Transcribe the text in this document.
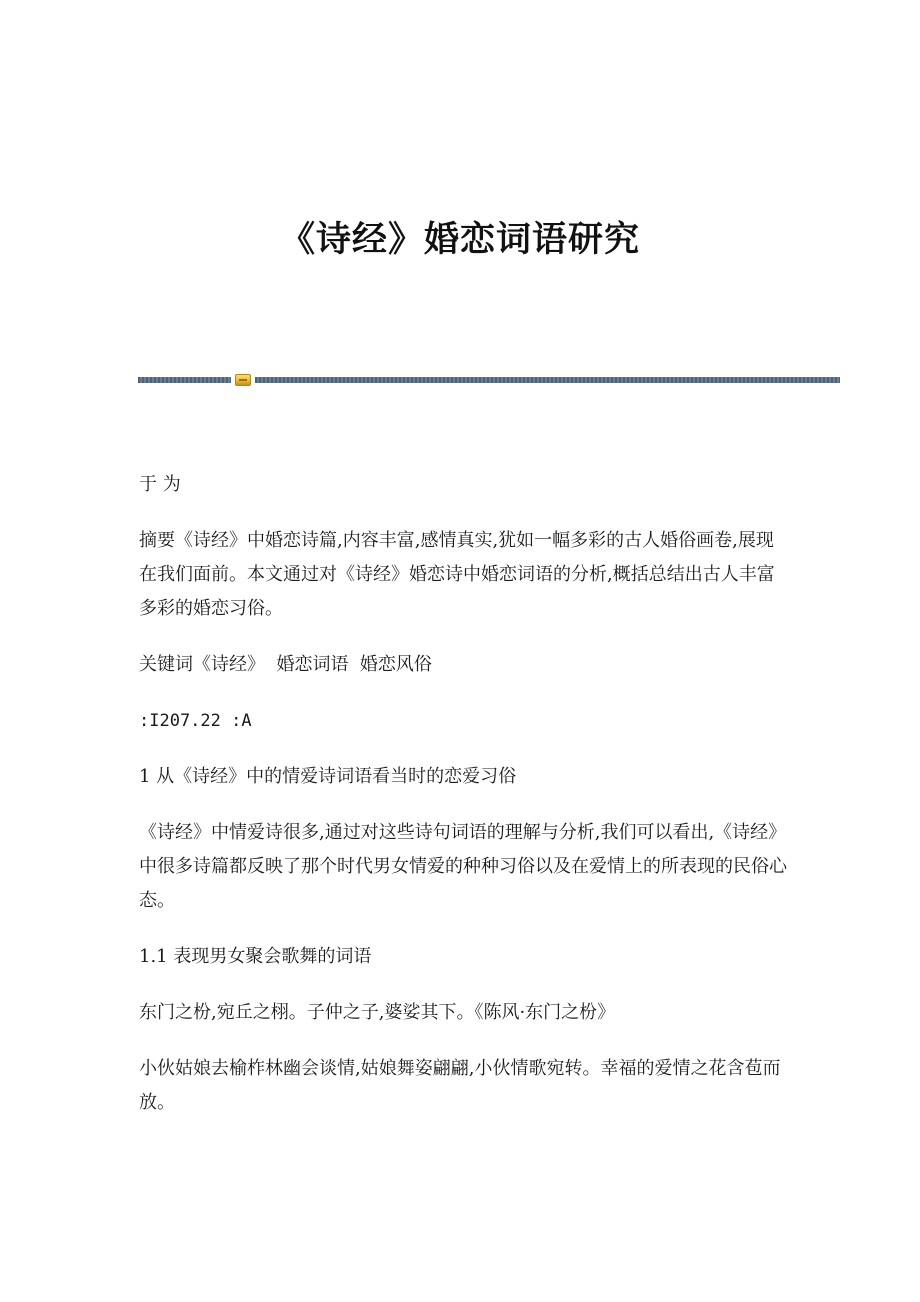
《诗经》婚恋词语研究

于 为

摘要《诗经》中婚恋诗篇,内容丰富,感情真实,犹如一幅多彩的古人婚俗画卷,展现在我们面前。本文通过对《诗经》婚恋诗中婚恋词语的分析,概括总结出古人丰富多彩的婚恋习俗。

关键词《诗经》  婚恋词语  婚恋风俗

:I207.22 :A

1 从《诗经》中的情爱诗词语看当时的恋爱习俗

《诗经》中情爱诗很多,通过对这些诗句词语的理解与分析,我们可以看出,《诗经》中很多诗篇都反映了那个时代男女情爱的种种习俗以及在爱情上的所表现的民俗心态。

1.1 表现男女聚会歌舞的词语

东门之枌,宛丘之栩。子仲之子,婆娑其下。《陈风·东门之枌》

小伙姑娘去榆柞林幽会谈情,姑娘舞姿翩翩,小伙情歌宛转。幸福的爱情之花含苞而放。
